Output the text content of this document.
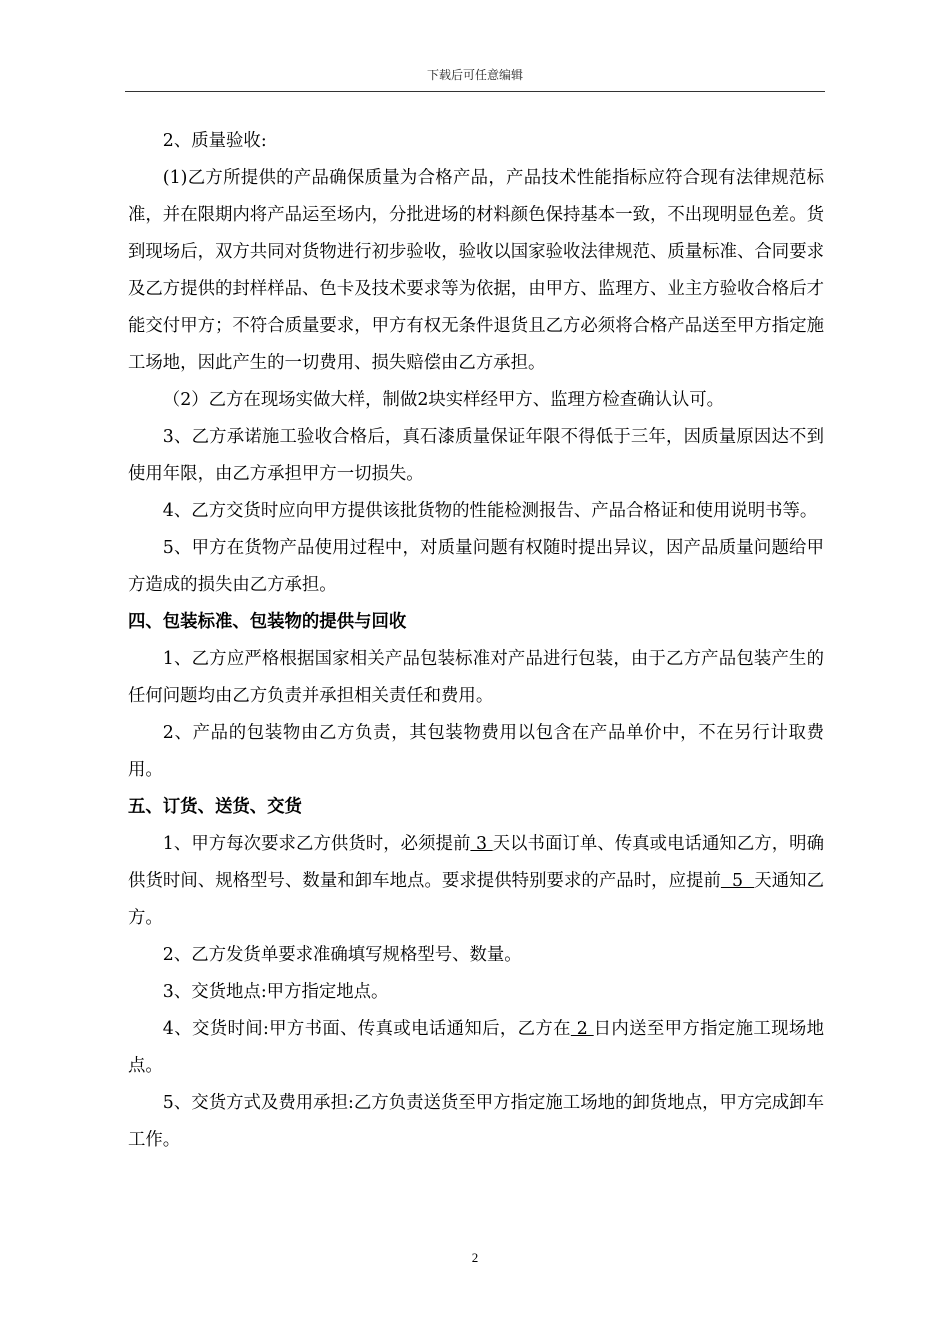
下载后可任意编辑

2、质量验收:

(1)乙方所提供的产品确保质量为合格产品，产品技术性能指标应符合现有法律规范标准，并在限期内将产品运至场内，分批进场的材料颜色保持基本一致，不出现明显色差。货到现场后，双方共同对货物进行初步验收，验收以国家验收法律规范、质量标准、合同要求及乙方提供的封样样品、色卡及技术要求等为依据，由甲方、监理方、业主方验收合格后才能交付甲方；不符合质量要求，甲方有权无条件退货且乙方必须将合格产品送至甲方指定施工场地，因此产生的一切费用、损失赔偿由乙方承担。

（2）乙方在现场实做大样，制做2块实样经甲方、监理方检查确认认可。

3、乙方承诺施工验收合格后，真石漆质量保证年限不得低于三年，因质量原因达不到使用年限，由乙方承担甲方一切损失。

4、乙方交货时应向甲方提供该批货物的性能检测报告、产品合格证和使用说明书等。

5、甲方在货物产品使用过程中，对质量问题有权随时提出异议，因产品质量问题给甲方造成的损失由乙方承担。

四、包装标准、包装物的提供与回收

1、乙方应严格根据国家相关产品包装标准对产品进行包装，由于乙方产品包装产生的任何问题均由乙方负责并承担相关责任和费用。

2、产品的包装物由乙方负责，其包装物费用以包含在产品单价中，不在另行计取费用。

五、订货、送货、交货

1、甲方每次要求乙方供货时，必须提前 3 天以书面订单、传真或电话通知乙方，明确供货时间、规格型号、数量和卸车地点。要求提供特别要求的产品时，应提前  5  天通知乙方。

2、乙方发货单要求准确填写规格型号、数量。

3、交货地点:甲方指定地点。

4、交货时间:甲方书面、传真或电话通知后，乙方在 2 日内送至甲方指定施工现场地点。

5、交货方式及费用承担:乙方负责送货至甲方指定施工场地的卸货地点，甲方完成卸车工作。

2
